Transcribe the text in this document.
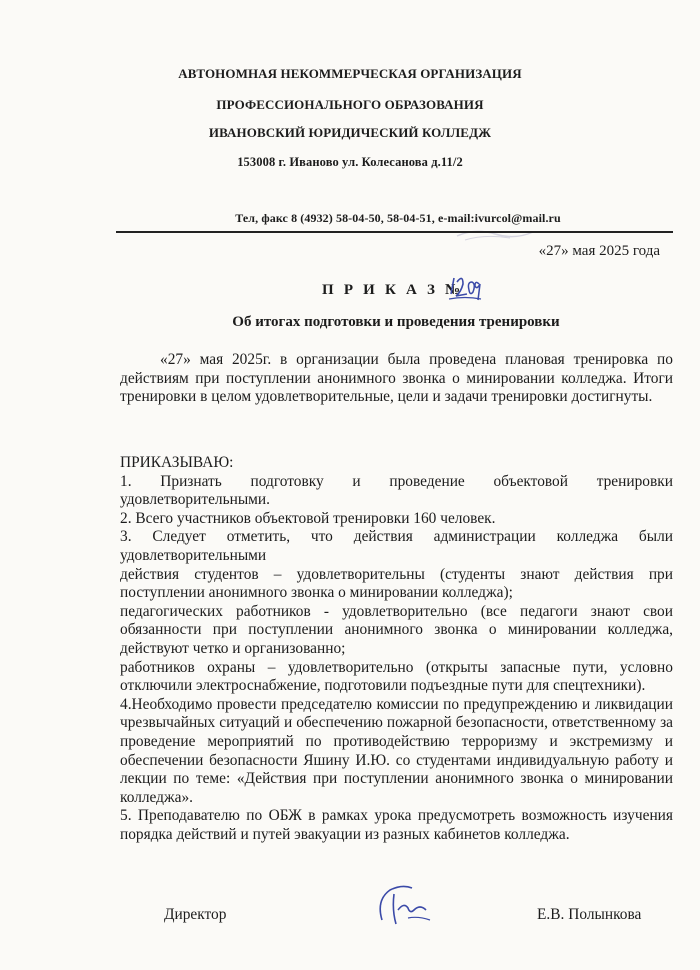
АВТОНОМНАЯ НЕКОММЕРЧЕСКАЯ ОРГАНИЗАЦИЯ
ПРОФЕССИОНАЛЬНОГО ОБРАЗОВАНИЯ
ИВАНОВСКИЙ ЮРИДИЧЕСКИЙ КОЛЛЕДЖ
153008 г. Иваново ул. Колесанова д.11/2
Тел, факс 8 (4932) 58-04-50, 58-04-51, e-mail:ivurcol@mail.ru
«27» мая 2025 года
П Р И К А З №
Об итогах подготовки и проведения тренировки
«27» мая 2025г. в организации была проведена плановая тренировка по действиям при поступлении анонимного звонка о минировании колледжа. Итоги тренировки в целом удовлетворительные, цели и задачи тренировки достигнуты.

ПРИКАЗЫВАЮ:

1. Признать подготовку и проведение объектовой тренировки удовлетворительными.

2. Всего участников объектовой тренировки 160 человек.

3. Следует отметить, что действия администрации колледжа были удовлетворительными

действия студентов – удовлетворительны (студенты знают действия при поступлении анонимного звонка о минировании колледжа);

педагогических работников - удовлетворительно (все педагоги знают свои обязанности при поступлении анонимного звонка о минировании колледжа, действуют четко и организованно;

работников охраны – удовлетворительно (открыты запасные пути, условно отключили электроснабжение, подготовили подъездные пути для спецтехники).

4.Необходимо провести председателю комиссии по предупреждению и ликвидации чрезвычайных ситуаций и обеспечению пожарной безопасности, ответственному за проведение мероприятий по противодействию терроризму и экстремизму и обеспечении безопасности Яшину И.Ю. со студентами индивидуальную работу и лекции по теме: «Действия при поступлении анонимного звонка о минировании колледжа».

5. Преподавателю по ОБЖ в рамках урока предусмотреть возможность изучения порядка действий и путей эвакуации из разных кабинетов колледжа.

Директор	Е.В. Полынкова
